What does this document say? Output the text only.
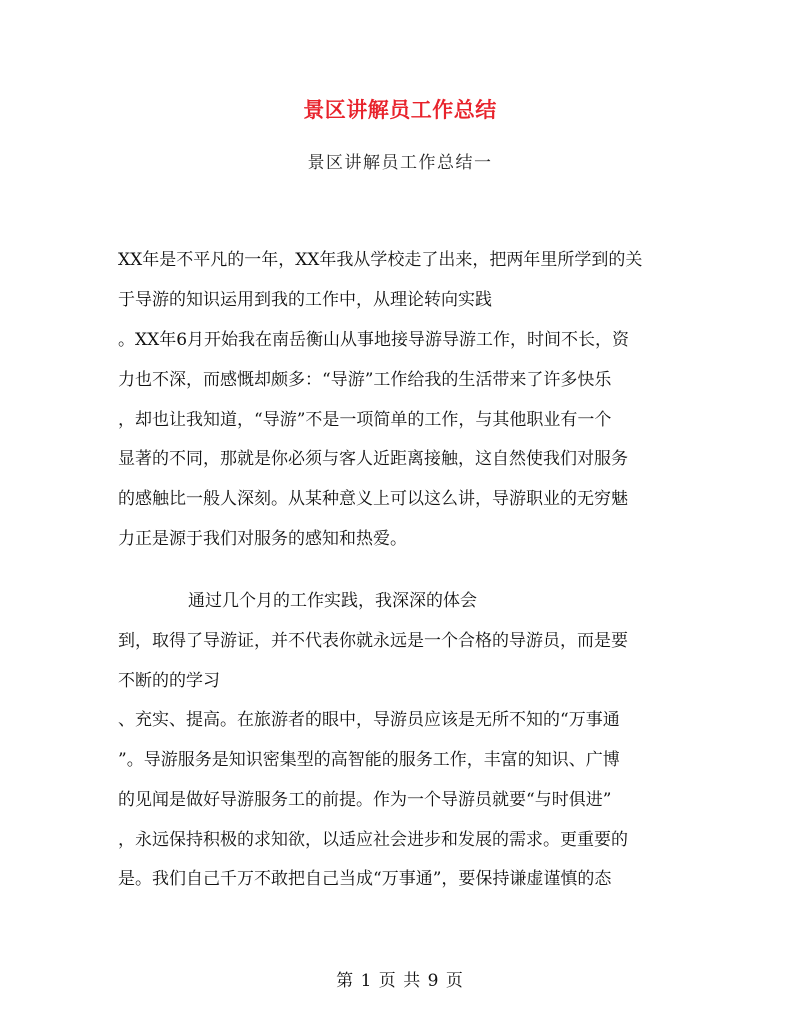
景区讲解员工作总结
景区讲解员工作总结一
XX年是不平凡的一年，XX年我从学校走了出来，把两年里所学到的关
于导游的知识运用到我的工作中，从理论转向实践
。XX年6月开始我在南岳衡山从事地接导游导游工作，时间不长，资
力也不深，而感慨却颇多：“导游”工作给我的生活带来了许多快乐
，却也让我知道，“导游”不是一项简单的工作，与其他职业有一个
显著的不同，那就是你必须与客人近距离接触，这自然使我们对服务
的感触比一般人深刻。从某种意义上可以这么讲，导游职业的无穷魅
力正是源于我们对服务的感知和热爱。
通过几个月的工作实践，我深深的体会
到，取得了导游证，并不代表你就永远是一个合格的导游员，而是要
不断的的学习
、充实、提高。在旅游者的眼中，导游员应该是无所不知的“万事通
”。导游服务是知识密集型的高智能的服务工作，丰富的知识、广博
的见闻是做好导游服务工的前提。作为一个导游员就要“与时俱进”
，永远保持积极的求知欲，以适应社会进步和发展的需求。更重要的
是。我们自己千万不敢把自己当成“万事通”，要保持谦虚谨慎的态
第 1 页 共 9 页
